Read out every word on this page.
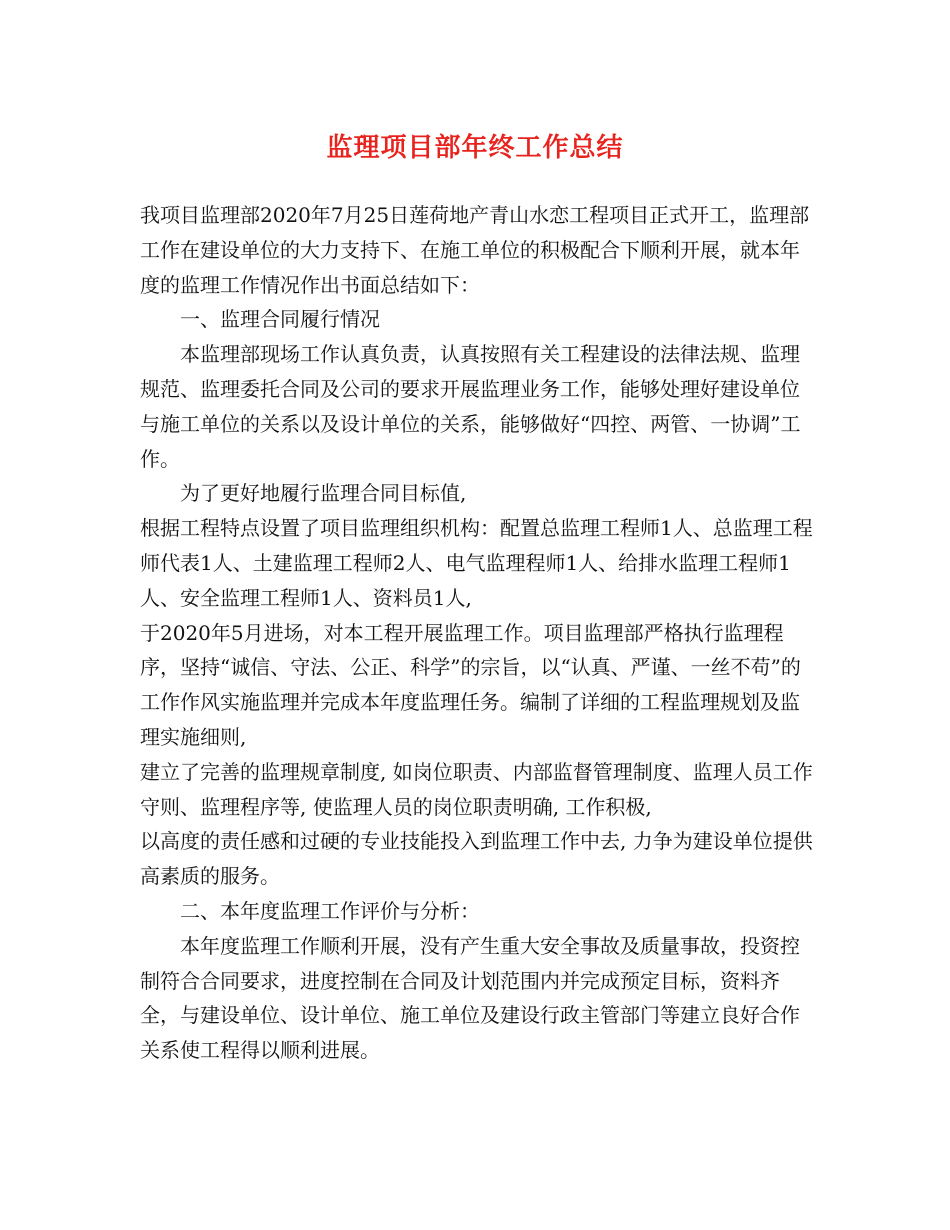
监理项目部年终工作总结

我项目监理部2020年7月25日莲荷地产青山水恋工程项目正式开工，监理部工作在建设单位的大力支持下、在施工单位的积极配合下顺利开展，就本年度的监理工作情况作出书面总结如下：

一、监理合同履行情况

本监理部现场工作认真负责，认真按照有关工程建设的法律法规、监理规范、监理委托合同及公司的要求开展监理业务工作，能够处理好建设单位与施工单位的关系以及设计单位的关系，能够做好“四控、两管、一协调”工作。

为了更好地履行监理合同目标值,

根据工程特点设置了项目监理组织机构：配置总监理工程师1人、总监理工程师代表1人、土建监理工程师2人、电气监理程师1人、给排水监理工程师1人、安全监理工程师1人、资料员1人,

于2020年5月进场，对本工程开展监理工作。项目监理部严格执行监理程序，坚持“诚信、守法、公正、科学”的宗旨，以“认真、严谨、一丝不苟”的工作作风实施监理并完成本年度监理任务。编制了详细的工程监理规划及监理实施细则,

建立了完善的监理规章制度, 如岗位职责、内部监督管理制度、监理人员工作守则、监理程序等, 使监理人员的岗位职责明确, 工作积极,

以高度的责任感和过硬的专业技能投入到监理工作中去, 力争为建设单位提供高素质的服务。

二、本年度监理工作评价与分析：

本年度监理工作顺利开展，没有产生重大安全事故及质量事故，投资控制符合合同要求，进度控制在合同及计划范围内并完成预定目标，资料齐全，与建设单位、设计单位、施工单位及建设行政主管部门等建立良好合作关系使工程得以顺利进展。
